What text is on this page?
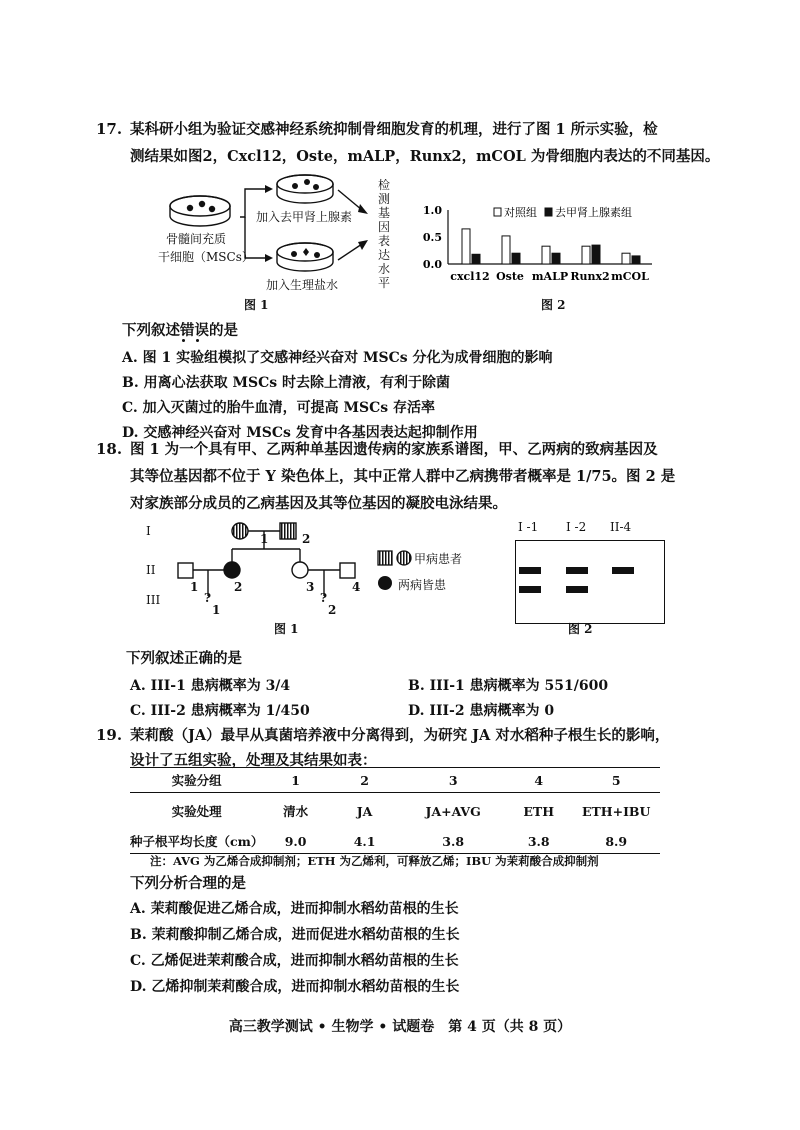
17. 某科研小组为验证交感神经系统抑制骨细胞发育的机理，进行了图 1 所示实验，检
测结果如图2，Cxcl12，Oste，mALP，Runx2，mCOL 为骨细胞内表达的不同基因。
骨髓间充质
干细胞（MSCs）
加入去甲肾上腺素
加入生理盐水
检
测
基
因
表
达
水
平
图 1
1.0
0.5
0.0
cxcl12 Oste mALP Runx2 mCOL
对照组 去甲肾上腺素组
图 2
下列叙述错误的是
A. 图 1 实验组模拟了交感神经兴奋对 MSCs 分化为成骨细胞的影响
B. 用离心法获取 MSCs 时去除上清液，有利于除菌
C. 加入灭菌过的胎牛血清，可提高 MSCs 存活率
D. 交感神经兴奋对 MSCs 发育中各基因表达起抑制作用
18. 图 1 为一个具有甲、乙两种单基因遗传病的家族系谱图，甲、乙两病的致病基因及
其等位基因都不位于 Y 染色体上，其中正常人群中乙病携带者概率是 1/75。图 2 是
对家族部分成员的乙病基因及其等位基因的凝胶电泳结果。
I
II
III
1	2
1	2	3	4
?	?
1	2
甲病患者
两病皆患
图 1
I -1 I -2 II-4
图 2
下列叙述正确的是
A. III-1 患病概率为 3/4	B. III-1 患病概率为 551/600
C. III-2 患病概率为 1/450	D. III-2 患病概率为 0
19. 茉莉酸（JA）最早从真菌培养液中分离得到，为研究 JA 对水稻种子根生长的影响，
设计了五组实验，处理及其结果如表：
实验分组	1	2	3	4	5
实验处理	清水	JA	JA+AVG	ETH	ETH+IBU
种子根平均长度（cm）	9.0	4.1	3.8	3.8	8.9
注：AVG 为乙烯合成抑制剂；ETH 为乙烯利，可释放乙烯；IBU 为茉莉酸合成抑制剂
下列分析合理的是
A. 茉莉酸促进乙烯合成，进而抑制水稻幼苗根的生长
B. 茉莉酸抑制乙烯合成，进而促进水稻幼苗根的生长
C. 乙烯促进茉莉酸合成，进而抑制水稻幼苗根的生长
D. 乙烯抑制茉莉酸合成，进而抑制水稻幼苗根的生长
高三教学测试 • 生物学 • 试题卷　第 4 页（共 8 页）
